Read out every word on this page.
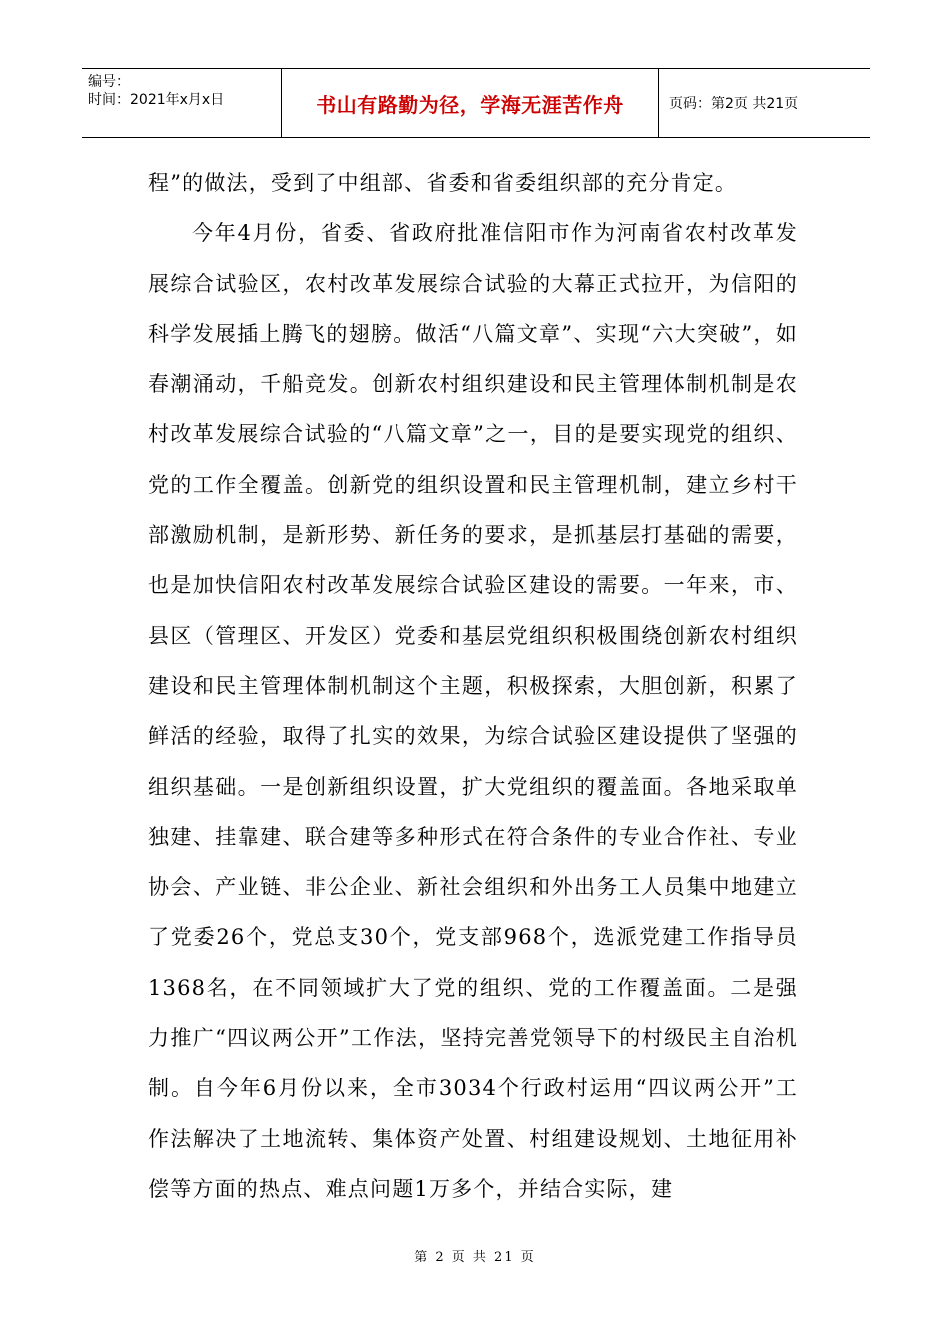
编号：
时间：2021年x月x日	书山有路勤为径，学海无涯苦作舟	页码：第2页 共21页

程”的做法，受到了中组部、省委和省委组织部的充分肯定。

今年4月份，省委、省政府批准信阳市作为河南省农村改革发展综合试验区，农村改革发展综合试验的大幕正式拉开，为信阳的科学发展插上腾飞的翅膀。做活“八篇文章”、实现“六大突破”，如春潮涌动，千船竞发。创新农村组织建设和民主管理体制机制是农村改革发展综合试验的“八篇文章”之一，目的是要实现党的组织、党的工作全覆盖。创新党的组织设置和民主管理机制，建立乡村干部激励机制，是新形势、新任务的要求，是抓基层打基础的需要，也是加快信阳农村改革发展综合试验区建设的需要。一年来，市、县区（管理区、开发区）党委和基层党组织积极围绕创新农村组织建设和民主管理体制机制这个主题，积极探索，大胆创新，积累了鲜活的经验，取得了扎实的效果，为综合试验区建设提供了坚强的组织基础。一是创新组织设置，扩大党组织的覆盖面。各地采取单独建、挂靠建、联合建等多种形式在符合条件的专业合作社、专业协会、产业链、非公企业、新社会组织和外出务工人员集中地建立了党委26个，党总支30个，党支部968个，选派党建工作指导员1368名，在不同领域扩大了党的组织、党的工作覆盖面。二是强力推广“四议两公开”工作法，坚持完善党领导下的村级民主自治机制。自今年6月份以来，全市3034个行政村运用“四议两公开”工作法解决了土地流转、集体资产处置、村组建设规划、土地征用补偿等方面的热点、难点问题1万多个，并结合实际，建

第 2 页 共 21 页
